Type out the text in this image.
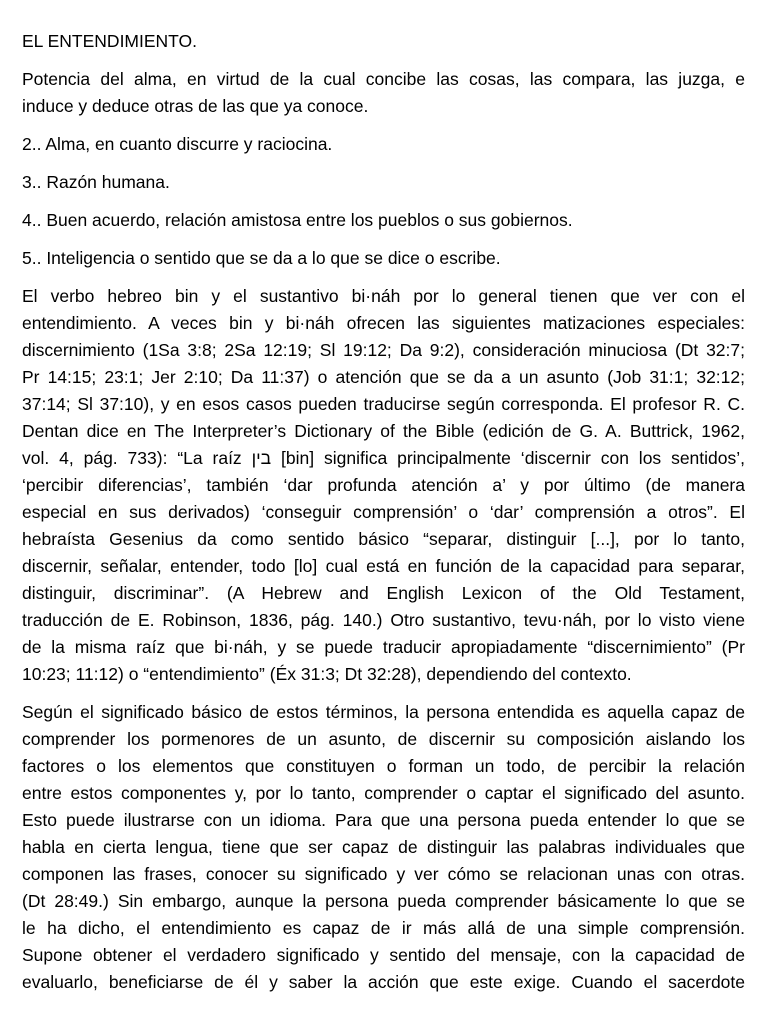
EL ENTENDIMIENTO.
Potencia del alma, en virtud de la cual concibe las cosas, las compara, las juzga, e
induce y deduce otras de las que ya conoce.
2.. Alma, en cuanto discurre y raciocina.
3.. Razón humana.
4.. Buen acuerdo, relación amistosa entre los pueblos o sus gobiernos.
5.. Inteligencia o sentido que se da a lo que se dice o escribe.
El verbo hebreo bin y el sustantivo bi·náh por lo general tienen que ver con el
entendimiento. A veces bin y bi·náh ofrecen las siguientes matizaciones especiales:
discernimiento (1Sa 3:8; 2Sa 12:19; Sl 19:12; Da 9:2), consideración minuciosa (Dt 32:7;
Pr 14:15; 23:1; Jer 2:10; Da 11:37) o atención que se da a un asunto (Job 31:1; 32:12;
37:14; Sl 37:10), y en esos casos pueden traducirse según corresponda. El profesor R. C.
Dentan dice en The Interpreter’s Dictionary of the Bible (edición de G. A. Buttrick, 1962,
vol. 4, pág. 733): “La raíz בין [bin] significa principalmente ‘discernir con los sentidos’,
‘percibir diferencias’, también ‘dar profunda atención a’ y por último (de manera
especial en sus derivados) ‘conseguir comprensión’ o ‘dar’ comprensión a otros”. El
hebraísta Gesenius da como sentido básico “separar, distinguir [...], por lo tanto,
discernir, señalar, entender, todo [lo] cual está en función de la capacidad para separar,
distinguir, discriminar”. (A Hebrew and English Lexicon of the Old Testament,
traducción de E. Robinson, 1836, pág. 140.) Otro sustantivo, tevu·náh, por lo visto viene
de la misma raíz que bi·náh, y se puede traducir apropiadamente “discernimiento” (Pr
10:23; 11:12) o “entendimiento” (Éx 31:3; Dt 32:28), dependiendo del contexto.
Según el significado básico de estos términos, la persona entendida es aquella capaz de
comprender los pormenores de un asunto, de discernir su composición aislando los
factores o los elementos que constituyen o forman un todo, de percibir la relación
entre estos componentes y, por lo tanto, comprender o captar el significado del asunto.
Esto puede ilustrarse con un idioma. Para que una persona pueda entender lo que se
habla en cierta lengua, tiene que ser capaz de distinguir las palabras individuales que
componen las frases, conocer su significado y ver cómo se relacionan unas con otras.
(Dt 28:49.) Sin embargo, aunque la persona pueda comprender básicamente lo que se
le ha dicho, el entendimiento es capaz de ir más allá de una simple comprensión.
Supone obtener el verdadero significado y sentido del mensaje, con la capacidad de
evaluarlo, beneficiarse de él y saber la acción que este exige. Cuando el sacerdote
